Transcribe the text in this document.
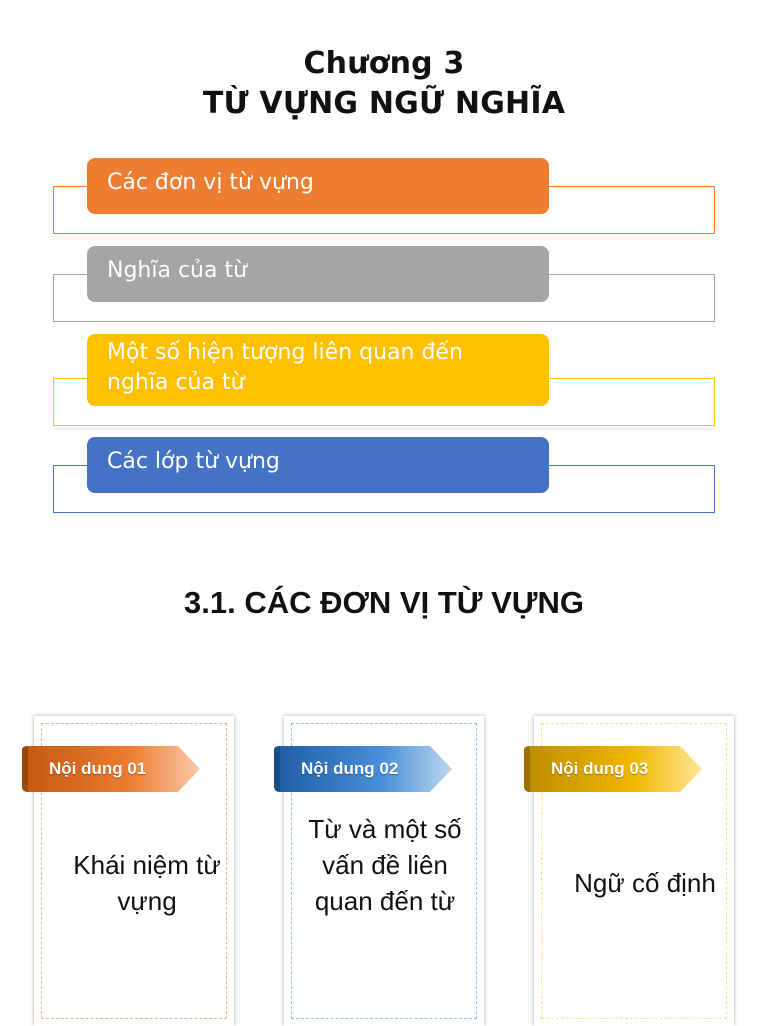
Chương 3
TỪ VỰNG NGỮ NGHĨA
Các đơn vị từ vựng
Nghĩa của từ
Một số hiện tượng liên quan đến nghĩa của từ
Các lớp từ vựng
3.1. CÁC ĐƠN VỊ TỪ VỰNG
Khái niệm từ vựng
Nội dung 01
Từ và một số vấn đề liên quan đến từ
Nội dung 02
Ngữ cố định
Nội dung 03
